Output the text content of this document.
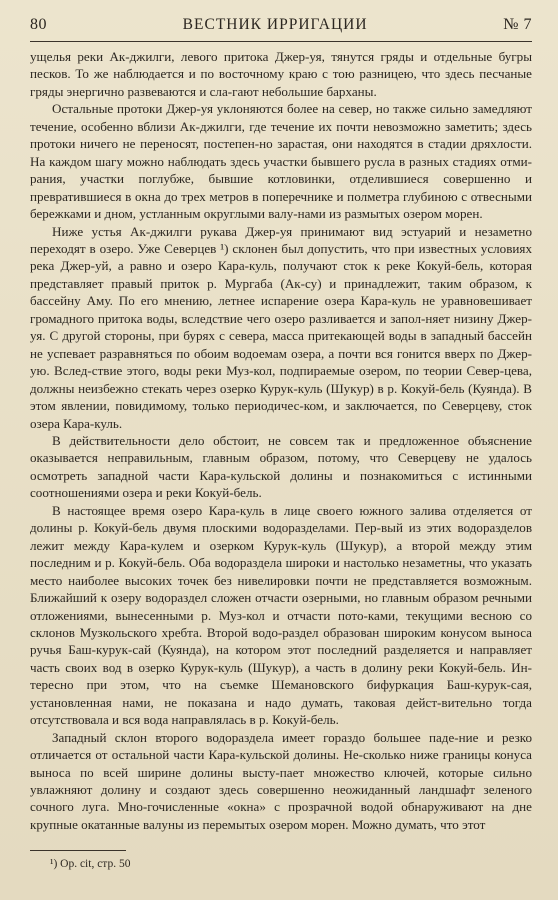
80	ВЕСТНИК ИРРИГАЦИИ	№ 7

ущелья реки Ак-джилги, левого притока Джер-уя, тянутся гряды и отдельные бугры песков. То же наблюдается и по восточному краю с тою разницею, что здесь песчаные гряды энергично развеваются и сла-гают небольшие барханы.

Остальные протоки Джер-уя уклоняются более на север, но также сильно замедляют течение, особенно вблизи Ак-джилги, где течение их почти невозможно заметить; здесь протоки ничего не переносят, постепен-но зарастая, они находятся в стадии дряхлости. На каждом шагу можно наблюдать здесь участки бывшего русла в разных стадиях отми-рания, участки поглубже, бывшие котловинки, отделившиеся совершенно и превратившиеся в окна до трех метров в поперечнике и полметра глубиною с отвесными бережками и дном, устланным округлыми валу-нами из размытых озером морен.

Ниже устья Ак-джилги рукава Джер-уя принимают вид эстуарий и незаметно переходят в озеро. Уже Северцев ¹) склонен был допустить, что при известных условиях река Джер-уй, а равно и озеро Кара-куль, получают сток к реке Кокуй-бель, которая представляет правый приток р. Мургаба (Ак-су) и принадлежит, таким образом, к бассейну Аму. По его мнению, летнее испарение озера Кара-куль не уравновешивает громадного притока воды, вследствие чего озеро разливается и запол-няет низину Джер-уя. С другой стороны, при бурях с севера, масса притекающей воды в западный бассейн не успевает разравняться по обоим водоемам озера, а почти вся гонится вверх по Джер-ую. Вслед-ствие этого, воды реки Муз-кол, подпираемые озером, по теории Север-цева, должны неизбежно стекать через озерко Курук-куль (Шукур) в р. Кокуй-бель (Куянда). В этом явлении, повидимому, только периодичес-ком, и заключается, по Северцеву, сток озера Кара-куль.

В действительности дело обстоит, не совсем так и предложенное объяснение оказывается неправильным, главным образом, потому, что Северцеву не удалось осмотреть западной части Кара-кульской долины и познакомиться с истинными соотношениями озера и реки Кокуй-бель.

В настоящее время озеро Кара-куль в лице своего южного залива отделяется от долины р. Кокуй-бель двумя плоскими водоразделами. Пер-вый из этих водоразделов лежит между Кара-кулем и озерком Курук-куль (Шукур), а второй между этим последним и р. Кокуй-бель. Оба водораздела широки и настолько незаметны, что указать место наиболее высоких точек без нивелировки почти не представляется возможным. Ближайший к озеру водораздел сложен отчасти озерными, но главным образом речными отложениями, вынесенными р. Муз-кол и отчасти пото-ками, текущими весною со склонов Музкольского хребта. Второй водо-раздел образован широким конусом выноса ручья Баш-курук-сай (Куянда), на котором этот последний разделяется и направляет часть своих вод в озерко Курук-куль (Шукур), а часть в долину реки Кокуй-бель. Ин-тересно при этом, что на съемке Шемановского бифуркация Баш-курук-сая, установленная нами, не показана и надо думать, таковая дейст-вительно тогда отсутствовала и вся вода направлялась в р. Кокуй-бель.

Западный склон второго водораздела имеет гораздо большее паде-ние и резко отличается от остальной части Кара-кульской долины. Не-сколько ниже границы конуса выноса по всей ширине долины высту-пает множество ключей, которые сильно увлажняют долину и создают здесь совершенно неожиданный ландшафт зеленого сочного луга. Мно-гочисленные «окна» с прозрачной водой обнаруживают на дне крупные окатанные валуны из перемытых озером морен. Можно думать, что этот

¹) Op. cit, стр. 50
